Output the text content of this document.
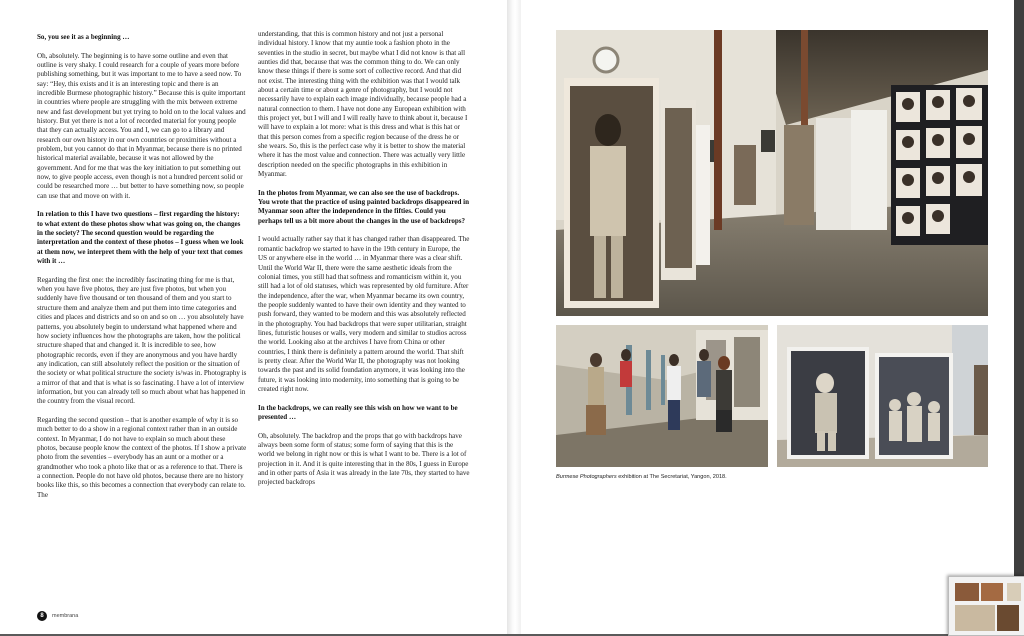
So, you see it as a beginning …

Oh, absolutely. The beginning is to have some outline and even that outline is very shaky. I could research for a couple of years more before publishing something, but it was important to me to have a seed now. To say: “Hey, this exists and it is an interesting topic and there is an incredible Burmese photographic history.” Because this is quite important in countries where people are struggling with the mix between extreme new and fast development but yet trying to hold on to the local values and history. But yet there is not a lot of recorded material for young people that they can actually access. You and I, we can go to a library and research our own history in our own countries or proximities without a problem, but you cannot do that in Myanmar, because there is no printed historical material available, because it was not allowed by the government. And for me that was the key initiation to put something out now, to give people access, even though is not a hundred percent solid or could be researched more … but better to have something now, so people can use that and move on with it.

In relation to this I have two questions – first regarding the history: to what extent do these photos show what was going on, the changes in the society? The second question would be regarding the interpretation and the context of these photos – I guess when we look at them now, we interpret them with the help of your text that comes with it …

Regarding the first one: the incredibly fascinating thing for me is that, when you have five photos, they are just five photos, but when you suddenly have five thousand or ten thousand of them and you start to structure them and analyze them and put them into time categories and cities and places and districts and so on and so on … you absolutely have patterns, you absolutely begin to understand what happened where and how society influences how the photographs are taken, how the political structure shaped that and changed it. It is incredible to see, how photographic records, even if they are anonymous and you have hardly any indication, can still absolutely reflect the position or the situation of the society or what political structure the society is/was in. Photography is a mirror of that and that is what is so fascinating. I have a lot of interview information, but you can already tell so much about what has happened in the country from the visual record.

Regarding the second question – that is another example of why it is so much better to do a show in a regional context rather than in an outside context. In Myanmar, I do not have to explain so much about these photos, because people know the context of the photos. If I show a private photo from the seventies – everybody has an aunt or a mother or a grandmother who took a photo like that or as a reference to that. There is a connection. People do not have old photos, because there are no history books like this, so this becomes a connection that everybody can relate to. The

understanding, that this is common history and not just a personal individual history. I know that my auntie took a fashion photo in the seventies in the studio in secret, but maybe what I did not know is that all aunties did that, because that was the common thing to do. We can only know these things if there is some sort of collective record. And that did not exist. The interesting thing with the exhibition was that I would talk about a certain time or about a genre of photography, but I would not necessarily have to explain each image individually, because people had a natural connection to them. I have not done any European exhibition with this project yet, but I will and I will really have to think about it, because I will have to explain a lot more: what is this dress and what is this hat or that this person comes from a specific region because of the dress he or she wears. So, this is the perfect case why it is better to show the material where it has the most value and connection. There was actually very little description needed on the specific photographs in this exhibition in Myanmar.

In the photos from Myanmar, we can also see the use of backdrops. You wrote that the practice of using painted backdrops disappeared in Myanmar soon after the independence in the fifties. Could you perhaps tell us a bit more about the changes in the use of backdrops?

I would actually rather say that it has changed rather than disappeared. The romantic backdrop we started to have in the 19th century in Europe, the US or anywhere else in the world … in Myanmar there was a clear shift. Until the World War II, there were the same aesthetic ideals from the colonial times, you still had that softness and romanticism within it, you still had a lot of old statuses, which was represented by old furniture. After the independence, after the war, when Myanmar became its own country, the people suddenly wanted to have their own identity and they wanted to push forward, they wanted to be modern and this was absolutely reflected in the photography. You had backdrops that were super utilitarian, straight lines, futuristic houses or walls, very modern and similar to studios across the world. Looking also at the archives I have from China or other countries, I think there is definitely a pattern around the world. That shift is pretty clear. After the World War II, the photography was not looking towards the past and its solid foundation anymore, it was looking into the future, it was looking into modernity, into something that is going to be created right now.

In the backdrops, we can really see this wish on how we want to be presented …

Oh, absolutely. The backdrop and the props that go with backdrops have always been some form of status; some form of saying that this is the world we belong in right now or this is what I want to be. There is a lot of projection in it. And it is quite interesting that in the 80s, I guess in Europe and in other parts of Asia it was already in the late 70s, they started to have projected backdrops

8	membrana
Burmese Photographers exhibition at The Secretariat, Yangon, 2018.
